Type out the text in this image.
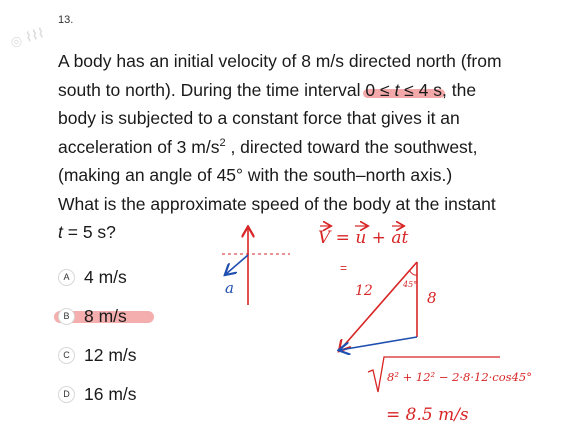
◎ ⌇⌇⌇
13.
A body has an initial velocity of 8 m/s directed north (from
south to north). During the time interval 0 ≤ t ≤ 4 s, the
body is subjected to a constant force that gives it an
acceleration of 3 $m/s^2$ , directed toward the southwest,
(making an angle of 45° with the south–north axis.)
What is the approximate speed of the body at the instant
t = 5 s?
A 4 m/s
B 8 m/s
C 12 m/s
D 16 m/s
a
V = u + at
=
45°
12	8
8² + 12² − 2·8·12·cos45°
= 8.5 m/s
